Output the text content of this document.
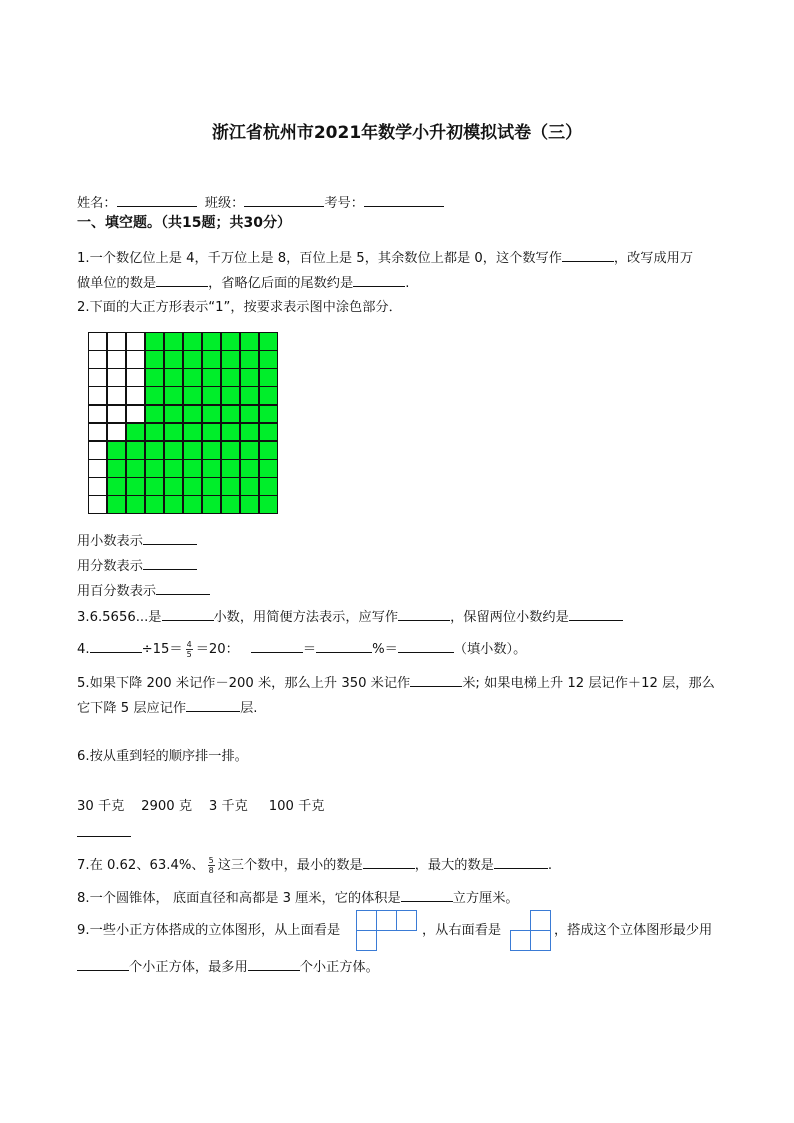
浙江省杭州市2021年数学小升初模拟试卷（三）
姓名：	班级：	考号：
一、填空题。（共15题；共30分）
1.一个数亿位上是 4，千万位上是 8，百位上是 5，其余数位上都是 0，这个数写作	，改写成用万
做单位的数是	，省略亿后面的尾数约是	.
2.下面的大正方形表示“1”，按要求表示图中涂色部分．
用小数表示
用分数表示
用百分数表示
3.6.5656...是	小数，用简便方法表示，应写作	，保留两位小数约是
4.	$\div 15= \frac{4}{5} =20$：	＝	%＝	（填小数）。
5.如果下降 200 米记作－200 米，那么上升 350 米记作	米; 如果电梯上升 12 层记作＋12 层，那么
它下降 5 层应记作	层.
6.按从重到轻的顺序排一排。
30 千克    2900 克    3 千克     100 千克
7.在 0.62、63.4%、 $\frac{5}{8}$ 这三个数中，最小的数是	，最大的数是	.
8.一个圆锥体， 底面直径和高都是 3 厘米，它的体积是	立方厘米。
9.一些小正方体搭成的立体图形，从上面看是	，从右面看是	，搭成这个立体图形最少用
个小正方体，最多用	个小正方体。
